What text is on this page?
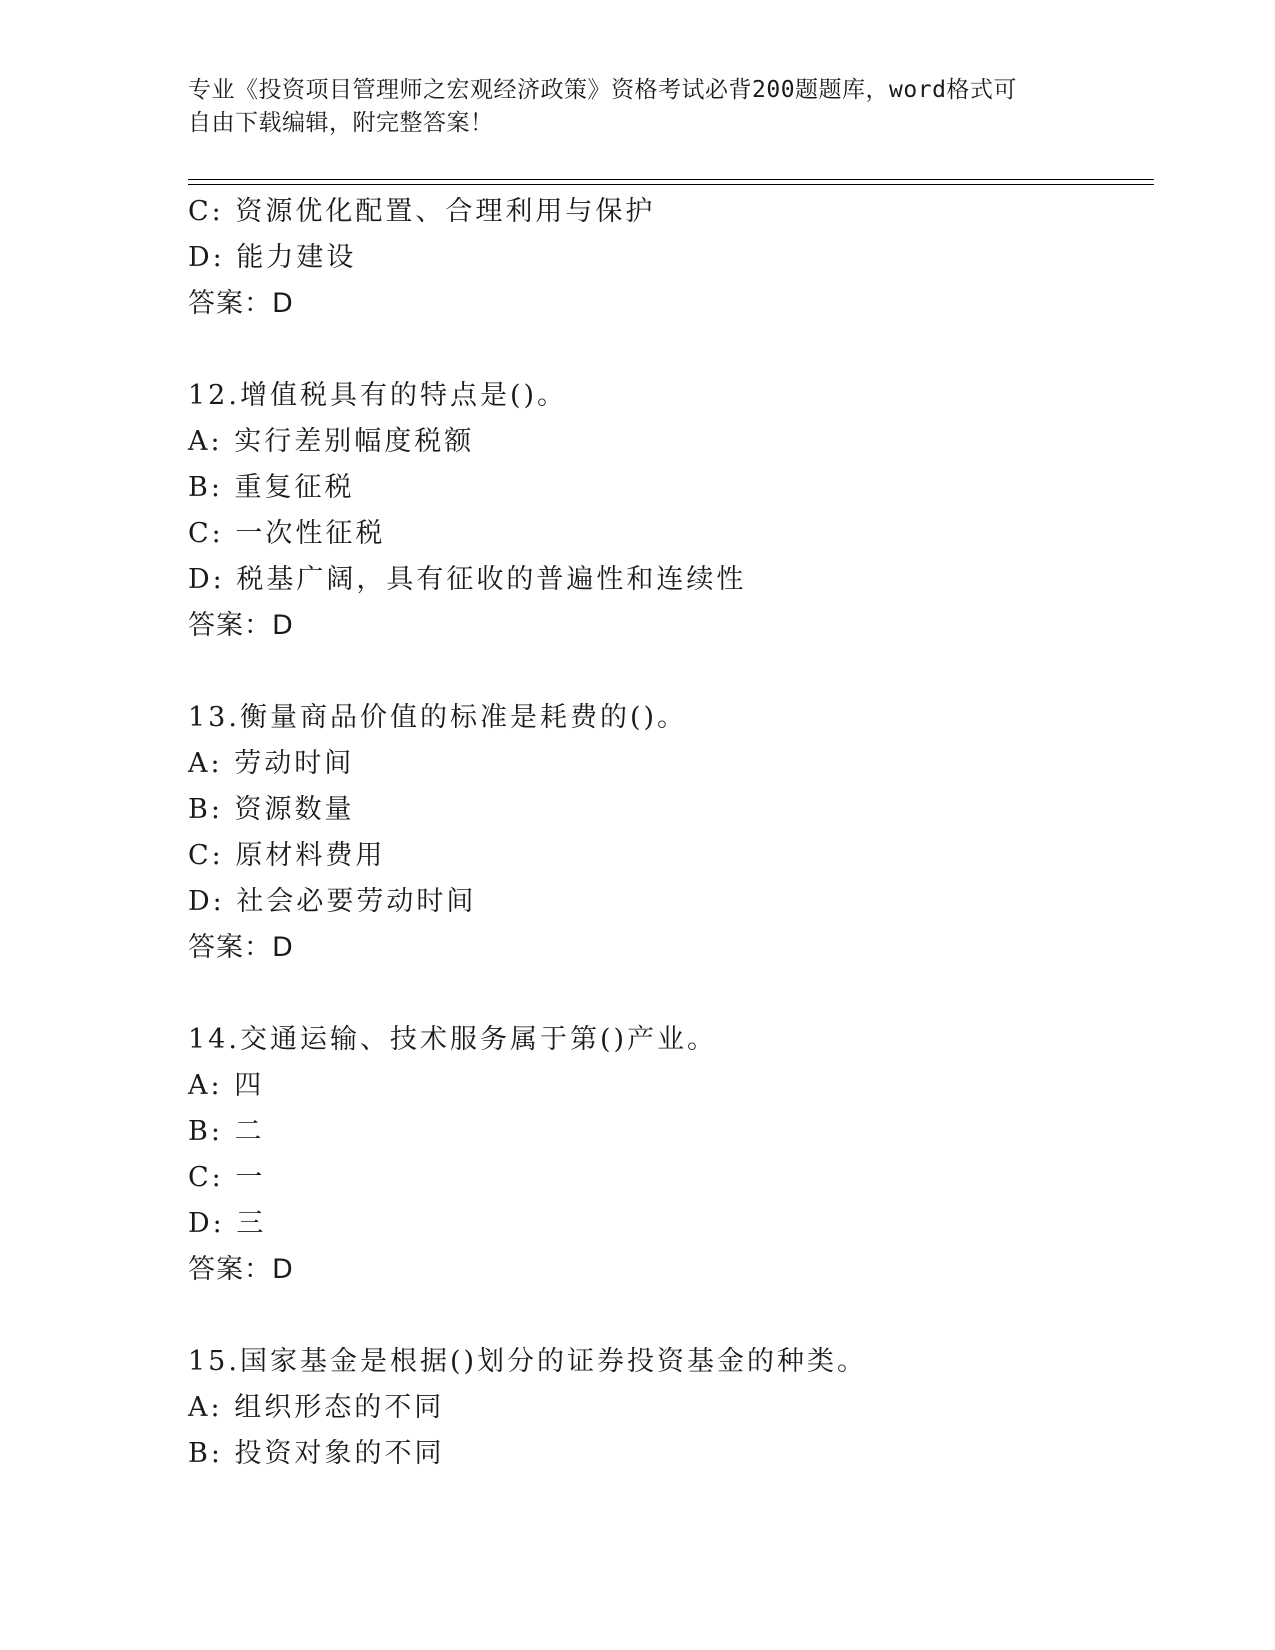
专业《投资项目管理师之宏观经济政策》资格考试必背200题题库，word格式可
自由下载编辑，附完整答案！
C: 资源优化配置、合理利用与保护
D: 能力建设
答案：D
12.增值税具有的特点是()。
A: 实行差别幅度税额
B: 重复征税
C: 一次性征税
D: 税基广阔，具有征收的普遍性和连续性
答案：D
13.衡量商品价值的标准是耗费的()。
A: 劳动时间
B: 资源数量
C: 原材料费用
D: 社会必要劳动时间
答案：D
14.交通运输、技术服务属于第()产业。
A: 四
B: 二
C: 一
D: 三
答案：D
15.国家基金是根据()划分的证券投资基金的种类。
A: 组织形态的不同
B: 投资对象的不同
